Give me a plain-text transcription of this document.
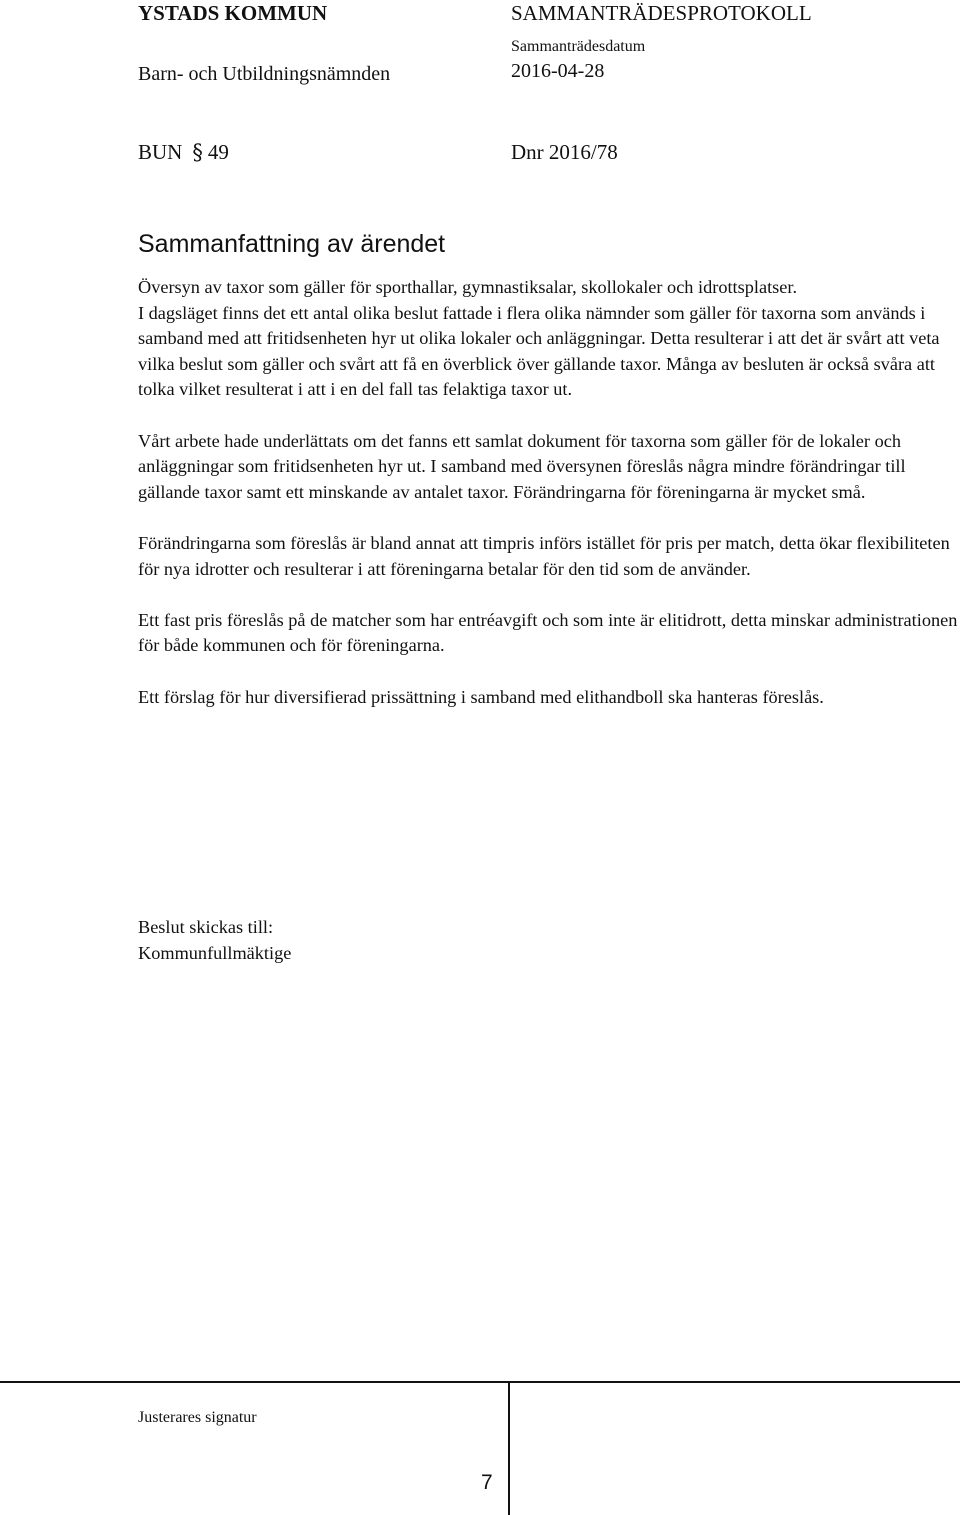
YSTADS KOMMUN
Barn- och Utbildningsnämnden
SAMMANTRÄDESPROTOKOLL
Sammanträdesdatum
2016-04-28
BUN § 49	Dnr 2016/78
Sammanfattning av ärendet

Översyn av taxor som gäller för sporthallar, gymnastiksalar, skollokaler och idrottsplatser.

I dagsläget finns det ett antal olika beslut fattade i flera olika nämnder som gäller för taxorna som används i samband med att fritidsenheten hyr ut olika lokaler och anläggningar. Detta resulterar i att det är svårt att veta vilka beslut som gäller och svårt att få en överblick över gällande taxor. Många av besluten är också svåra att tolka vilket resulterat i att i en del fall tas felaktiga taxor ut.

Vårt arbete hade underlättats om det fanns ett samlat dokument för taxorna som gäller för de lokaler och anläggningar som fritidsenheten hyr ut. I samband med översynen föreslås några mindre förändringar till gällande taxor samt ett minskande av antalet taxor. Förändringarna för föreningarna är mycket små.

Förändringarna som föreslås är bland annat att timpris införs istället för pris per match, detta ökar flexibiliteten för nya idrotter och resulterar i att föreningarna betalar för den tid som de använder.

Ett fast pris föreslås på de matcher som har entréavgift och som inte är elitidrott, detta minskar administrationen för både kommunen och för föreningarna.

Ett förslag för hur diversifierad prissättning i samband med elithandboll ska hanteras föreslås.

Beslut skickas till:
Kommunfullmäktige
Justerares signatur
7
